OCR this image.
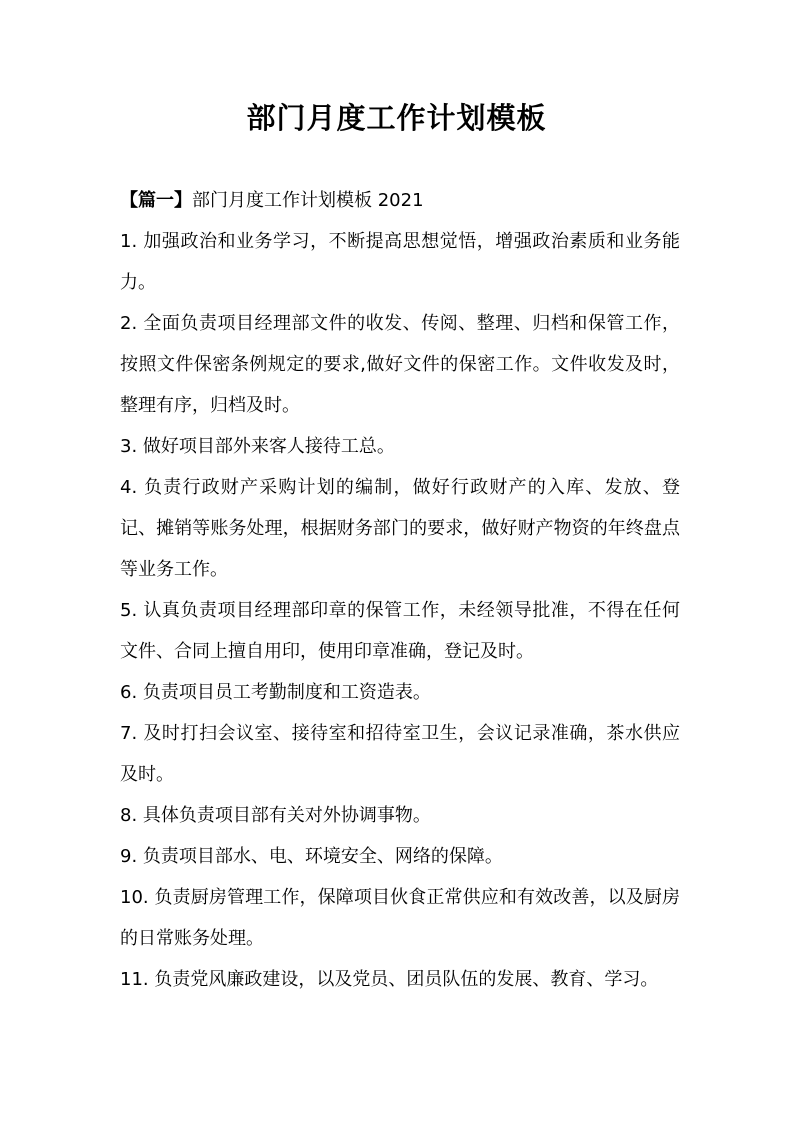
部门月度工作计划模板

【篇一】部门月度工作计划模板 2021

1. 加强政治和业务学习，不断提高思想觉悟，增强政治素质和业务能力。

2. 全面负责项目经理部文件的收发、传阅、整理、归档和保管工作，按照文件保密条例规定的要求,做好文件的保密工作。文件收发及时，整理有序，归档及时。

3. 做好项目部外来客人接待工总。

4. 负责行政财产采购计划的编制，做好行政财产的入库、发放、登记、摊销等账务处理，根据财务部门的要求，做好财产物资的年终盘点等业务工作。

5. 认真负责项目经理部印章的保管工作，未经领导批准，不得在任何文件、合同上擅自用印，使用印章准确，登记及时。

6. 负责项目员工考勤制度和工资造表。

7. 及时打扫会议室、接待室和招待室卫生，会议记录准确，茶水供应及时。

8. 具体负责项目部有关对外协调事物。

9. 负责项目部水、电、环境安全、网络的保障。

10. 负责厨房管理工作，保障项目伙食正常供应和有效改善，以及厨房的日常账务处理。

11. 负责党风廉政建设，以及党员、团员队伍的发展、教育、学习。
